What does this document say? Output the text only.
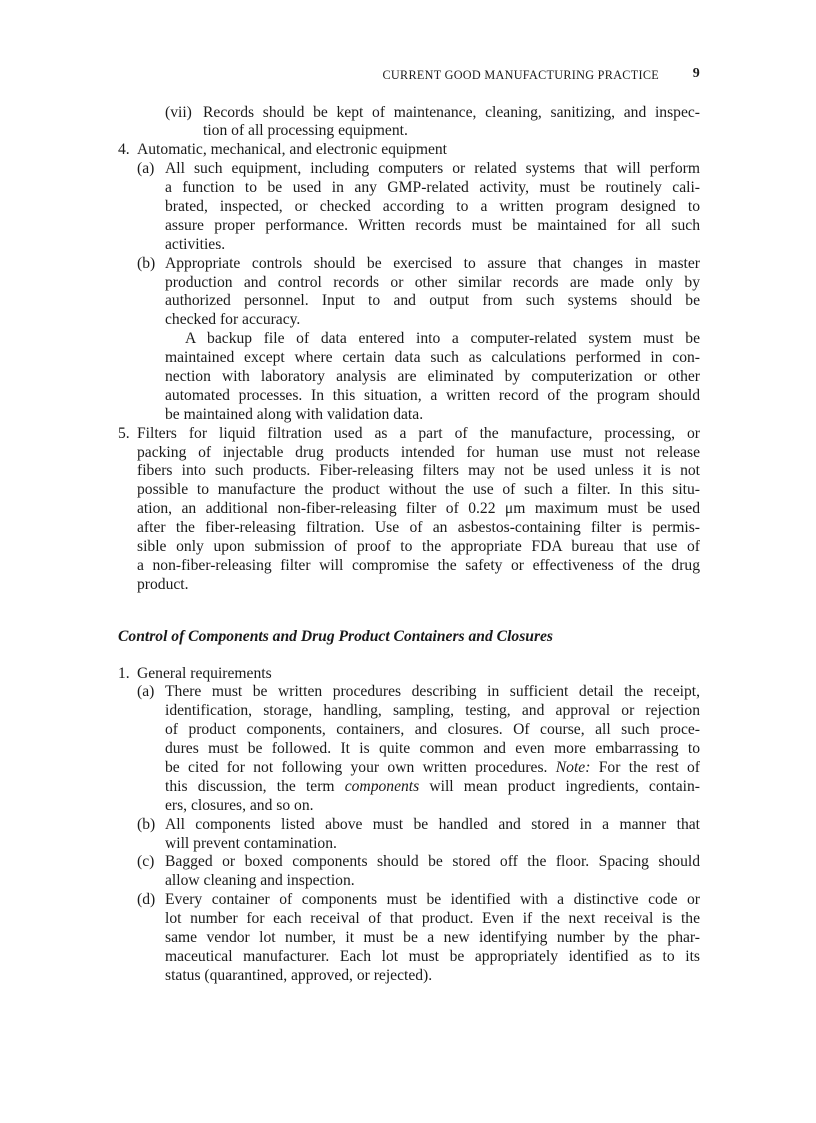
CURRENT GOOD MANUFACTURING PRACTICE 9
(vii) Records should be kept of maintenance, cleaning, sanitizing, and inspec-
tion of all processing equipment.
4. Automatic, mechanical, and electronic equipment
(a) All such equipment, including computers or related systems that will perform
a function to be used in any GMP-related activity, must be routinely cali-
brated, inspected, or checked according to a written program designed to
assure proper performance. Written records must be maintained for all such
activities.
(b) Appropriate controls should be exercised to assure that changes in master
production and control records or other similar records are made only by
authorized personnel. Input to and output from such systems should be
checked for accuracy.
A backup file of data entered into a computer-related system must be
maintained except where certain data such as calculations performed in con-
nection with laboratory analysis are eliminated by computerization or other
automated processes. In this situation, a written record of the program should
be maintained along with validation data.
5. Filters for liquid filtration used as a part of the manufacture, processing, or
packing of injectable drug products intended for human use must not release
fibers into such products. Fiber-releasing filters may not be used unless it is not
possible to manufacture the product without the use of such a filter. In this situ-
ation, an additional non-fiber-releasing filter of 0.22 μm maximum must be used
after the fiber-releasing filtration. Use of an asbestos-containing filter is permis-
sible only upon submission of proof to the appropriate FDA bureau that use of
a non-fiber-releasing filter will compromise the safety or effectiveness of the drug
product.
Control of Components and Drug Product Containers and Closures
1. General requirements
(a) There must be written procedures describing in sufficient detail the receipt,
identification, storage, handling, sampling, testing, and approval or rejection
of product components, containers, and closures. Of course, all such proce-
dures must be followed. It is quite common and even more embarrassing to
be cited for not following your own written procedures. Note: For the rest of
this discussion, the term components will mean product ingredients, contain-
ers, closures, and so on.
(b) All components listed above must be handled and stored in a manner that
will prevent contamination.
(c) Bagged or boxed components should be stored off the floor. Spacing should
allow cleaning and inspection.
(d) Every container of components must be identified with a distinctive code or
lot number for each receival of that product. Even if the next receival is the
same vendor lot number, it must be a new identifying number by the phar-
maceutical manufacturer. Each lot must be appropriately identified as to its
status (quarantined, approved, or rejected).
